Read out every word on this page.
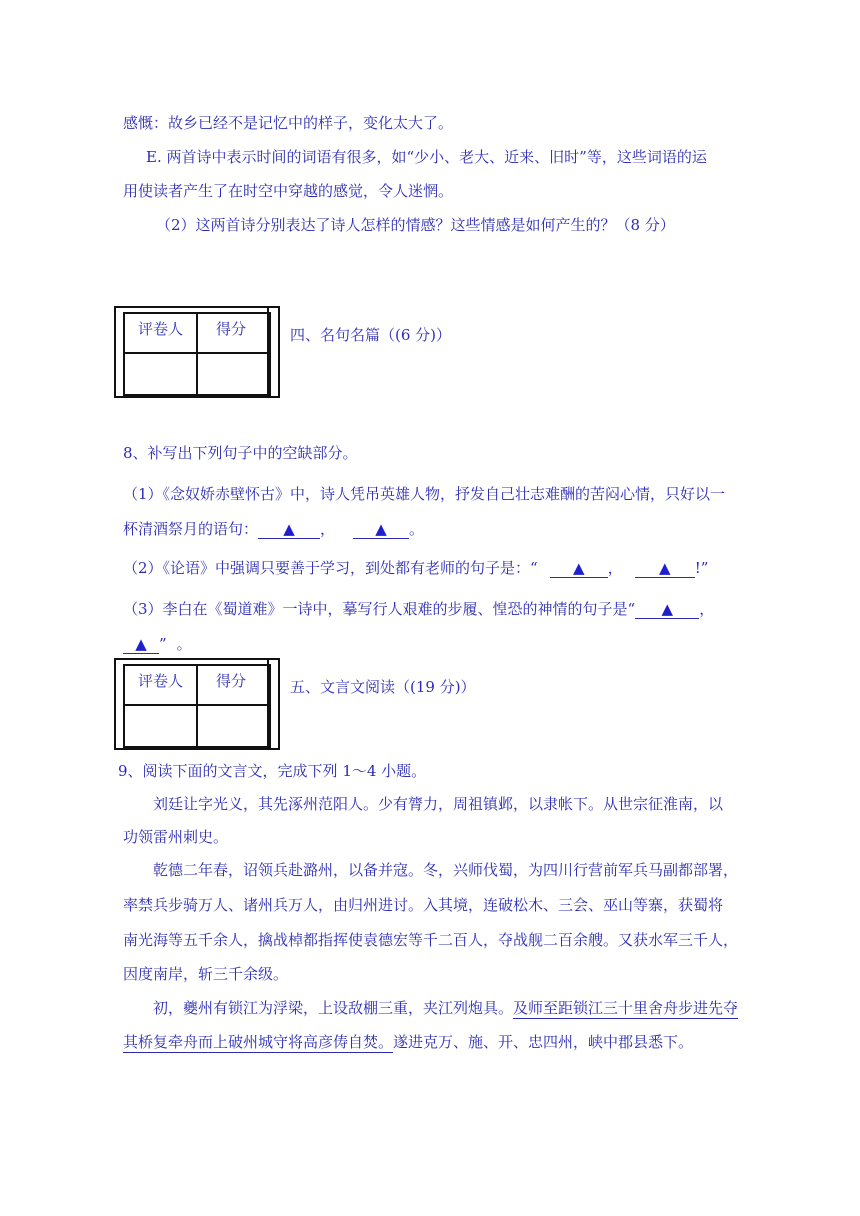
感慨：故乡已经不是记忆中的样子，变化太大了。
E. 两首诗中表示时间的词语有很多，如“少小、老大、近来、旧时”等，这些词语的运
用使读者产生了在时空中穿越的感觉，令人迷惘。
（2）这两首诗分别表达了诗人怎样的情感？这些情感是如何产生的？（8 分）
评卷人 得分	四、名句名篇（(6 分)）
8、补写出下列句子中的空缺部分。
（1）《念奴娇赤壁怀古》中，诗人凭吊英雄人物，抒发自己壮志难酬的苦闷心情，只好以一
杯清酒祭月的语句： ▲ ，	▲ 。
（2）《论语》中强调只要善于学习，到处都有老师的句子是：“ ▲ ， ▲ !”
（3）李白在《蜀道难》一诗中，摹写行人艰难的步履、惶恐的神情的句子是“ ▲ ，
▲ ” 。
评卷人 得分	五、文言文阅读（(19 分)）
9、阅读下面的文言文，完成下列 1～4 小题。
刘廷让字光义，其先涿州范阳人。少有膂力，周祖镇邺，以隶帐下。从世宗征淮南，以
功领雷州刺史。
乾德二年春，诏领兵赴潞州，以备并寇。冬，兴师伐蜀，为四川行营前军兵马副都部署，
率禁兵步骑万人、诸州兵万人，由归州进讨。入其境，连破松木、三会、巫山等寨，获蜀将
南光海等五千余人，擒战棹都指挥使袁德宏等千二百人，夺战舰二百余艘。又获水军三千人，
因度南岸，斩三千余级。
初，夔州有锁江为浮梁，上设敌棚三重，夹江列炮具。及师至距锁江三十里舍舟步进先夺
其桥复牵舟而上破州城守将高彦俦自焚。遂进克万、施、开、忠四州，峡中郡县悉下。
